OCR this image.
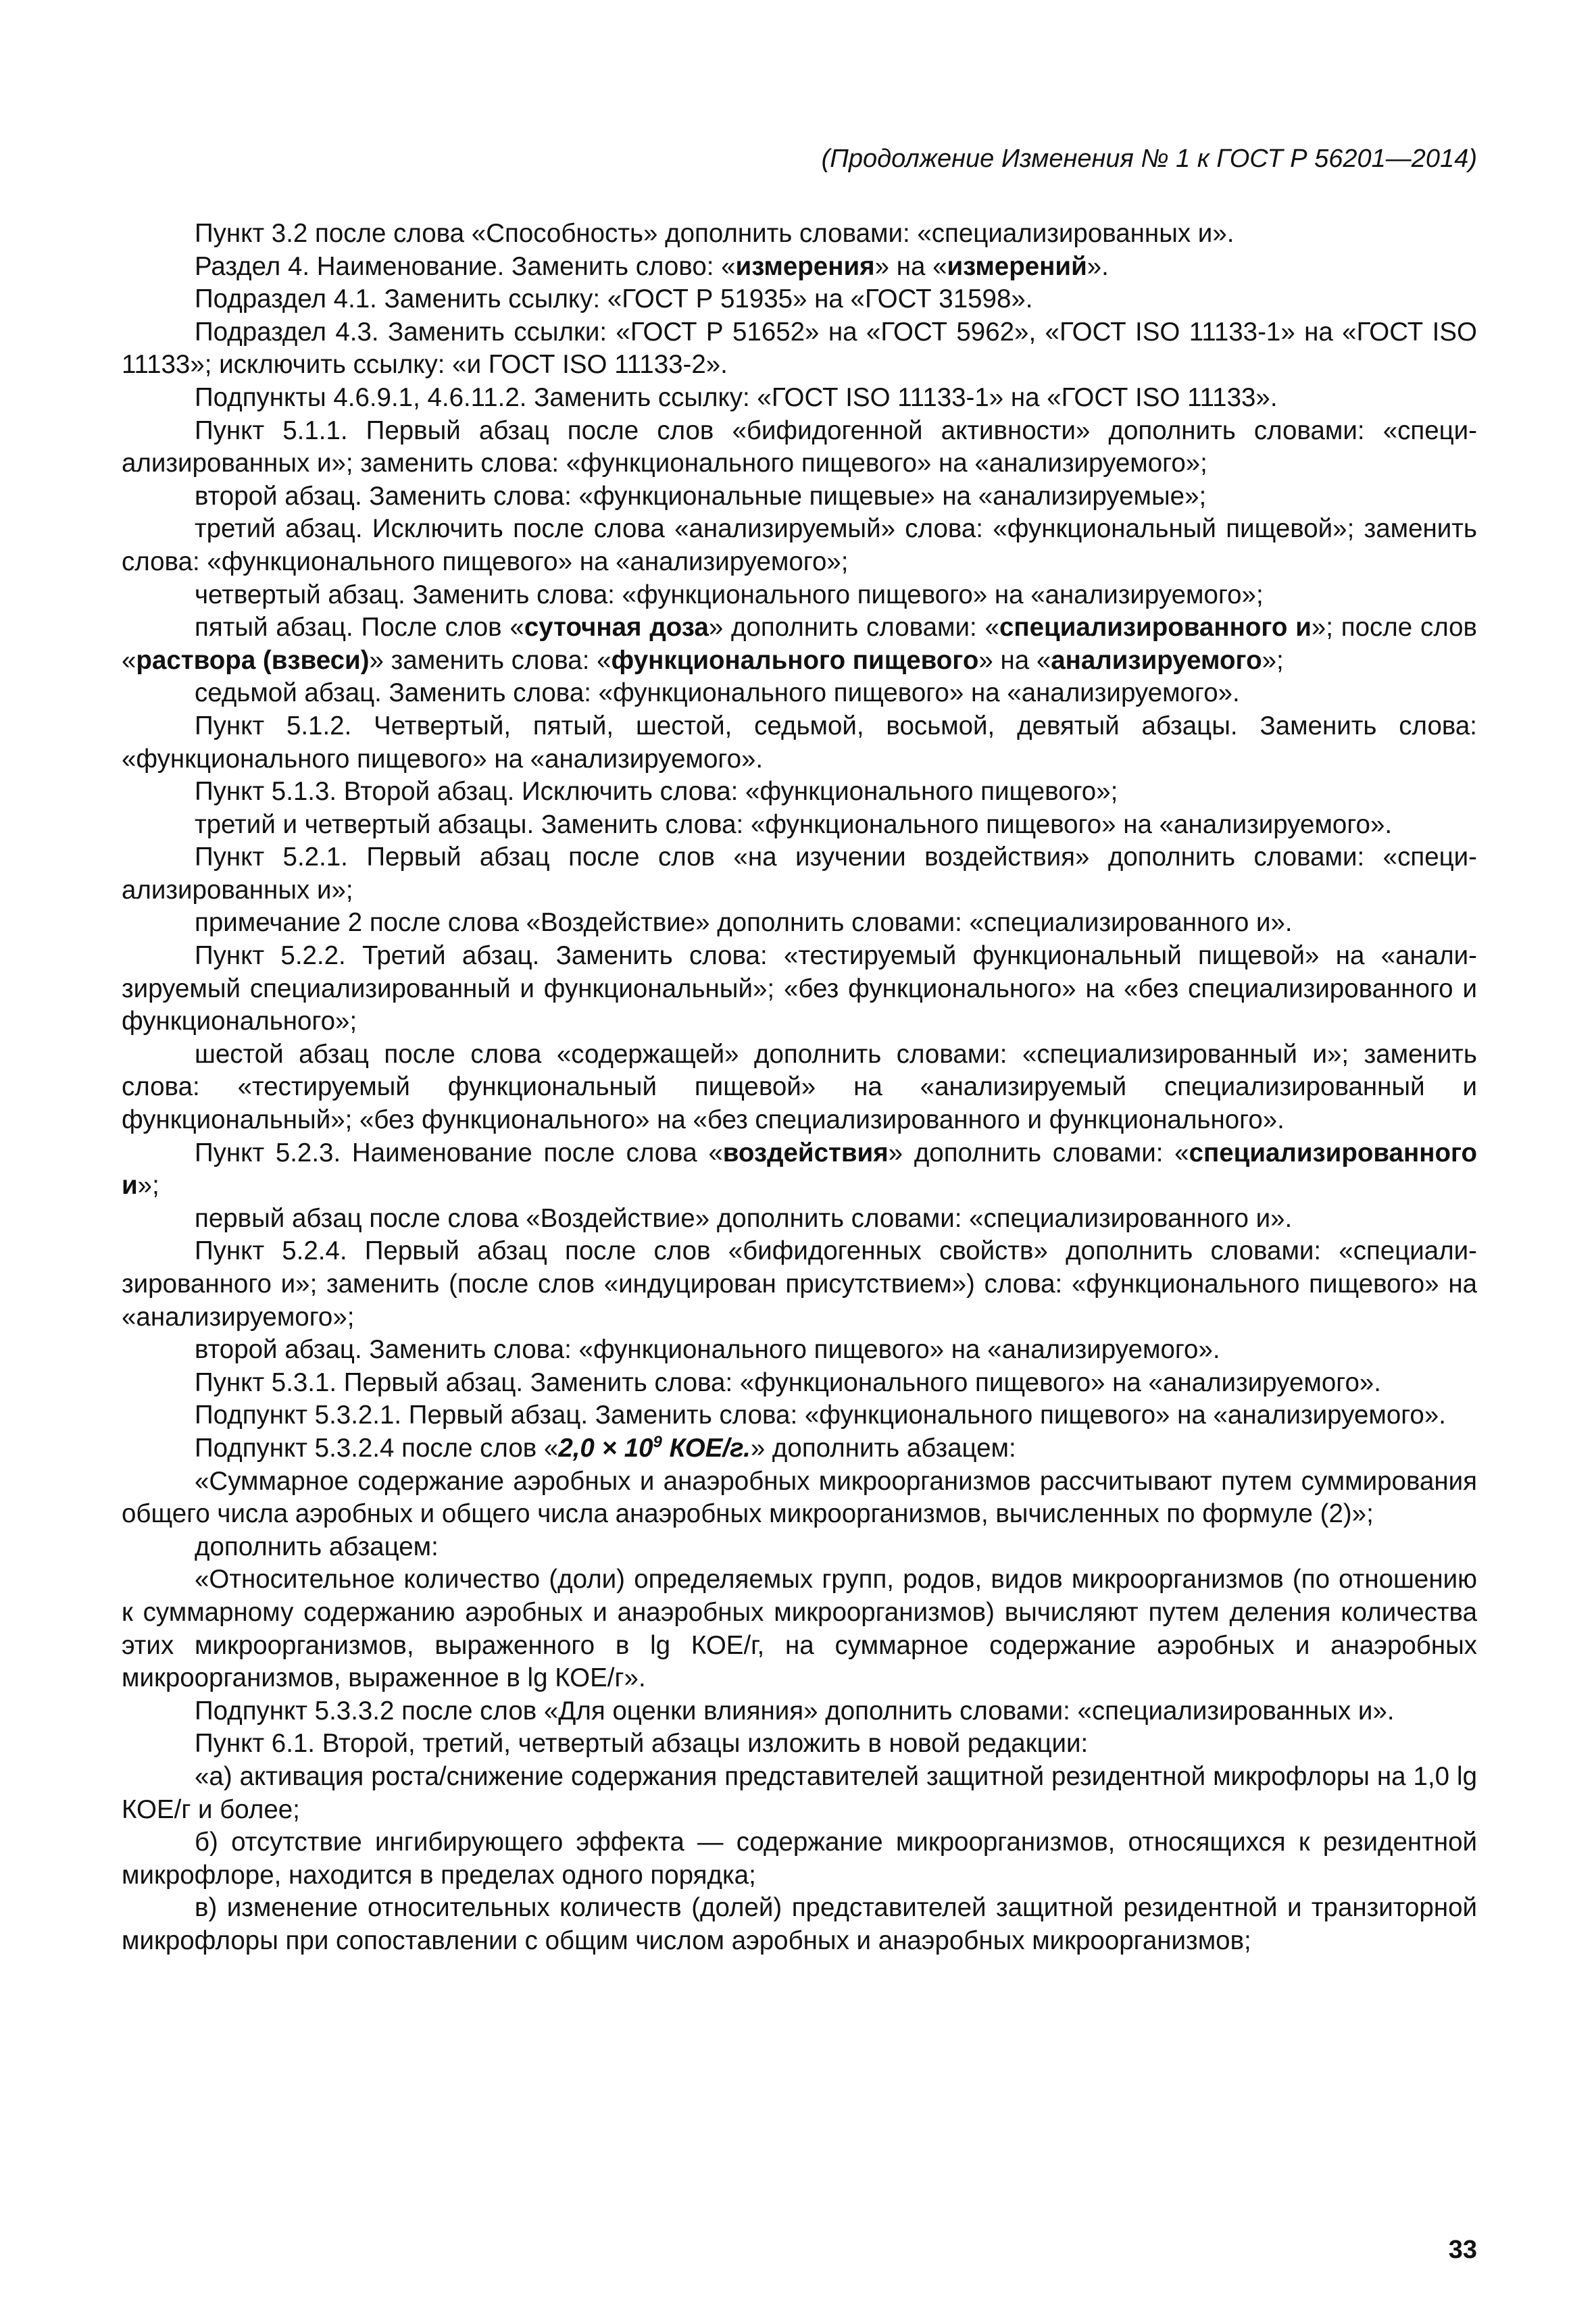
(Продолжение Изменения № 1 к ГОСТ Р 56201—2014)

Пункт 3.2 после слова «Способность» дополнить словами: «специализированных и».

Раздел 4. Наименование. Заменить слово: «измерения» на «измерений».

Подраздел 4.1. Заменить ссылку: «ГОСТ Р 51935» на «ГОСТ 31598».

Подраздел 4.3. Заменить ссылки: «ГОСТ Р 51652» на «ГОСТ 5962», «ГОСТ ISO 11133-1» на «ГОСТ ISO 11133»; исключить ссылку: «и ГОСТ ISO 11133-2».

Подпункты 4.6.9.1, 4.6.11.2. Заменить ссылку: «ГОСТ ISO 11133-1» на «ГОСТ ISO 11133».

Пункт 5.1.1. Первый абзац после слов «бифидогенной активности» дополнить словами: «специализированных и»; заменить слова: «функционального пищевого» на «анализируемого»;

второй абзац. Заменить слова: «функциональные пищевые» на «анализируемые»;

третий абзац. Исключить после слова «анализируемый» слова: «функциональный пищевой»; заменить слова: «функционального пищевого» на «анализируемого»;

четвертый абзац. Заменить слова: «функционального пищевого» на «анализируемого»;

пятый абзац. После слов «суточная доза» дополнить словами: «специализированного и»; после слов «раствора (взвеси)» заменить слова: «функционального пищевого» на «анализируемого»;

седьмой абзац. Заменить слова: «функционального пищевого» на «анализируемого».

Пункт 5.1.2. Четвертый, пятый, шестой, седьмой, восьмой, девятый абзацы. Заменить слова: «функционального пищевого» на «анализируемого».

Пункт 5.1.3. Второй абзац. Исключить слова: «функционального пищевого»;

третий и четвертый абзацы. Заменить слова: «функционального пищевого» на «анализируемого».

Пункт 5.2.1. Первый абзац после слов «на изучении воздействия» дополнить словами: «специализированных и»;

примечание 2 после слова «Воздействие» дополнить словами: «специализированного и».

Пункт 5.2.2. Третий абзац. Заменить слова: «тестируемый функциональный пищевой» на «анализируемый специализированный и функциональный»; «без функционального» на «без специализированного и функционального»;

шестой абзац после слова «содержащей» дополнить словами: «специализированный и»; заменить слова: «тестируемый функциональный пищевой» на «анализируемый специализированный и функциональный»; «без функционального» на «без специализированного и функционального».

Пункт 5.2.3. Наименование после слова «воздействия» дополнить словами: «специализированного и»;

первый абзац после слова «Воздействие» дополнить словами: «специализированного и».

Пункт 5.2.4. Первый абзац после слов «бифидогенных свойств» дополнить словами: «специализированного и»; заменить (после слов «индуцирован присутствием») слова: «функционального пищевого» на «анализируемого»;

второй абзац. Заменить слова: «функционального пищевого» на «анализируемого».

Пункт 5.3.1. Первый абзац. Заменить слова: «функционального пищевого» на «анализируемого».

Подпункт 5.3.2.1. Первый абзац. Заменить слова: «функционального пищевого» на «анализируемого».

Подпункт 5.3.2.4 после слов «$2,0 \times 10^9$ КОЕ/г.» дополнить абзацем:

«Суммарное содержание аэробных и анаэробных микроорганизмов рассчитывают путем суммирования общего числа аэробных и общего числа анаэробных микроорганизмов, вычисленных по формуле (2)»;

дополнить абзацем:

«Относительное количество (доли) определяемых групп, родов, видов микроорганизмов (по отношению к суммарному содержанию аэробных и анаэробных микроорганизмов) вычисляют путем деления количества этих микроорганизмов, выраженного в lg КОЕ/г, на суммарное содержание аэробных и анаэробных микроорганизмов, выраженное в lg КОЕ/г».

Подпункт 5.3.3.2 после слов «Для оценки влияния» дополнить словами: «специализированных и».

Пункт 6.1. Второй, третий, четвертый абзацы изложить в новой редакции:

«а) активация роста/снижение содержания представителей защитной резидентной микрофлоры на 1,0 lg КОЕ/г и более;

б) отсутствие ингибирующего эффекта — содержание микроорганизмов, относящихся к резидентной микрофлоре, находится в пределах одного порядка;

в) изменение относительных количеств (долей) представителей защитной резидентной и транзиторной микрофлоры при сопоставлении с общим числом аэробных и анаэробных микроорганизмов;

33
